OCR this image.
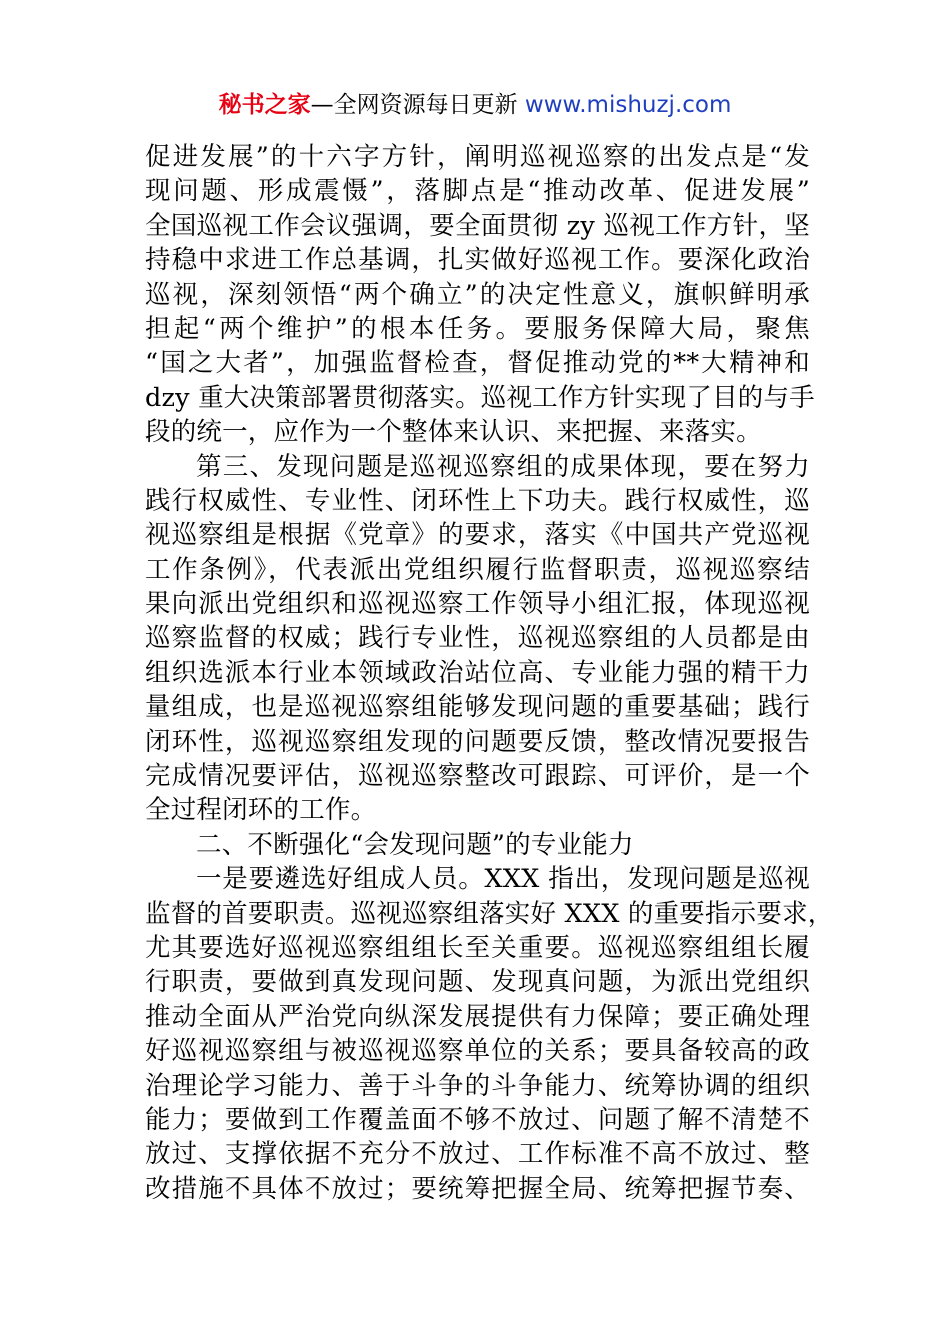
秘书之家—全网资源每日更新 www.mishuzj.com
促进发展”的十六字方针，阐明巡视巡察的出发点是“发
现问题、形成震慑”，落脚点是“推动改革、促进发展”
全国巡视工作会议强调，要全面贯彻 zy 巡视工作方针，坚
持稳中求进工作总基调，扎实做好巡视工作。要深化政治
巡视，深刻领悟“两个确立”的决定性意义，旗帜鲜明承
担起“两个维护”的根本任务。要服务保障大局，聚焦
“国之大者”，加强监督检查，督促推动党的**大精神和
dzy 重大决策部署贯彻落实。巡视工作方针实现了目的与手
段的统一，应作为一个整体来认识、来把握、来落实。
第三、发现问题是巡视巡察组的成果体现，要在努力
践行权威性、专业性、闭环性上下功夫。践行权威性，巡
视巡察组是根据《党章》的要求，落实《中国共产党巡视
工作条例》，代表派出党组织履行监督职责，巡视巡察结
果向派出党组织和巡视巡察工作领导小组汇报，体现巡视
巡察监督的权威；践行专业性，巡视巡察组的人员都是由
组织选派本行业本领域政治站位高、专业能力强的精干力
量组成，也是巡视巡察组能够发现问题的重要基础；践行
闭环性，巡视巡察组发现的问题要反馈，整改情况要报告
完成情况要评估，巡视巡察整改可跟踪、可评价，是一个
全过程闭环的工作。
二、不断强化“会发现问题”的专业能力
一是要遴选好组成人员。XXX 指出，发现问题是巡视
监督的首要职责。巡视巡察组落实好 XXX 的重要指示要求，
尤其要选好巡视巡察组组长至关重要。巡视巡察组组长履
行职责，要做到真发现问题、发现真问题，为派出党组织
推动全面从严治党向纵深发展提供有力保障；要正确处理
好巡视巡察组与被巡视巡察单位的关系；要具备较高的政
治理论学习能力、善于斗争的斗争能力、统筹协调的组织
能力；要做到工作覆盖面不够不放过、问题了解不清楚不
放过、支撑依据不充分不放过、工作标准不高不放过、整
改措施不具体不放过；要统筹把握全局、统筹把握节奏、
